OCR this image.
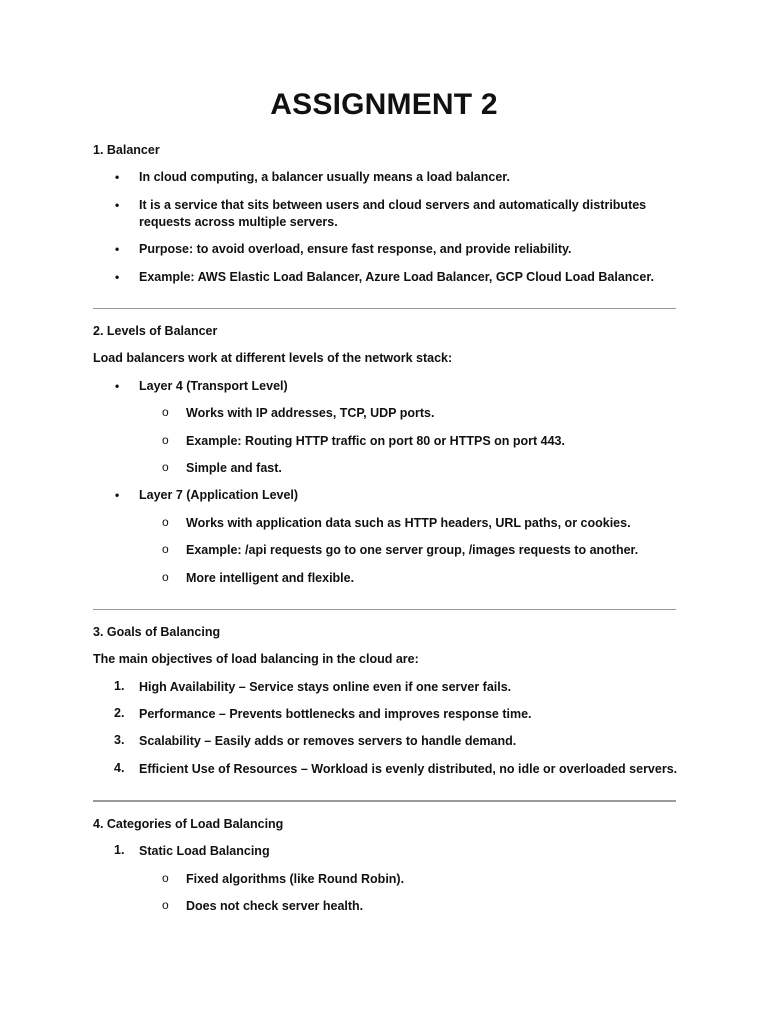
ASSIGNMENT 2
1. Balancer
• In cloud computing, a balancer usually means a load balancer.
• It is a service that sits between users and cloud servers and automatically distributes
requests across multiple servers.
• Purpose: to avoid overload, ensure fast response, and provide reliability.
• Example: AWS Elastic Load Balancer, Azure Load Balancer, GCP Cloud Load Balancer.
2. Levels of Balancer
Load balancers work at different levels of the network stack:
• Layer 4 (Transport Level)
o Works with IP addresses, TCP, UDP ports.
o Example: Routing HTTP traffic on port 80 or HTTPS on port 443.
o Simple and fast.
• Layer 7 (Application Level)
o Works with application data such as HTTP headers, URL paths, or cookies.
o Example: /api requests go to one server group, /images requests to another.
o More intelligent and flexible.
3. Goals of Balancing
The main objectives of load balancing in the cloud are:
1. High Availability – Service stays online even if one server fails.
2. Performance – Prevents bottlenecks and improves response time.
3. Scalability – Easily adds or removes servers to handle demand.
4. Efficient Use of Resources – Workload is evenly distributed, no idle or overloaded servers.
4. Categories of Load Balancing
1. Static Load Balancing
o Fixed algorithms (like Round Robin).
o Does not check server health.
